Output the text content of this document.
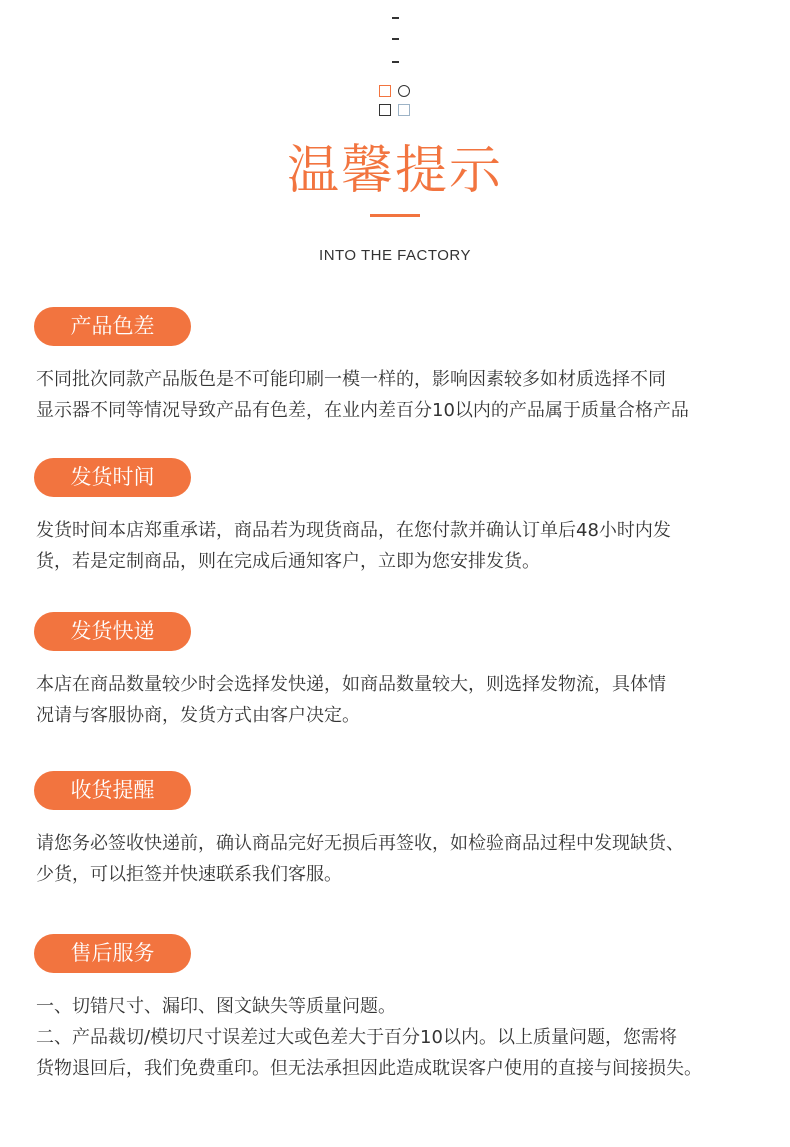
温馨提示
INTO THE FACTORY
产品色差
不同批次同款产品版色是不可能印刷一模一样的，影响因素较多如材质选择不同
显示器不同等情况导致产品有色差，在业内差百分10以内的产品属于质量合格产品
发货时间
发货时间本店郑重承诺，商品若为现货商品，在您付款并确认订单后48小时内发
货，若是定制商品，则在完成后通知客户，立即为您安排发货。
发货快递
本店在商品数量较少时会选择发快递，如商品数量较大，则选择发物流，具体情
况请与客服协商，发货方式由客户决定。
收货提醒
请您务必签收快递前，确认商品完好无损后再签收，如检验商品过程中发现缺货、
少货，可以拒签并快速联系我们客服。
售后服务
一、切错尺寸、漏印、图文缺失等质量问题。
二、产品裁切/模切尺寸误差过大或色差大于百分10以内。以上质量问题，您需将
货物退回后，我们免费重印。但无法承担因此造成耽误客户使用的直接与间接损失。
